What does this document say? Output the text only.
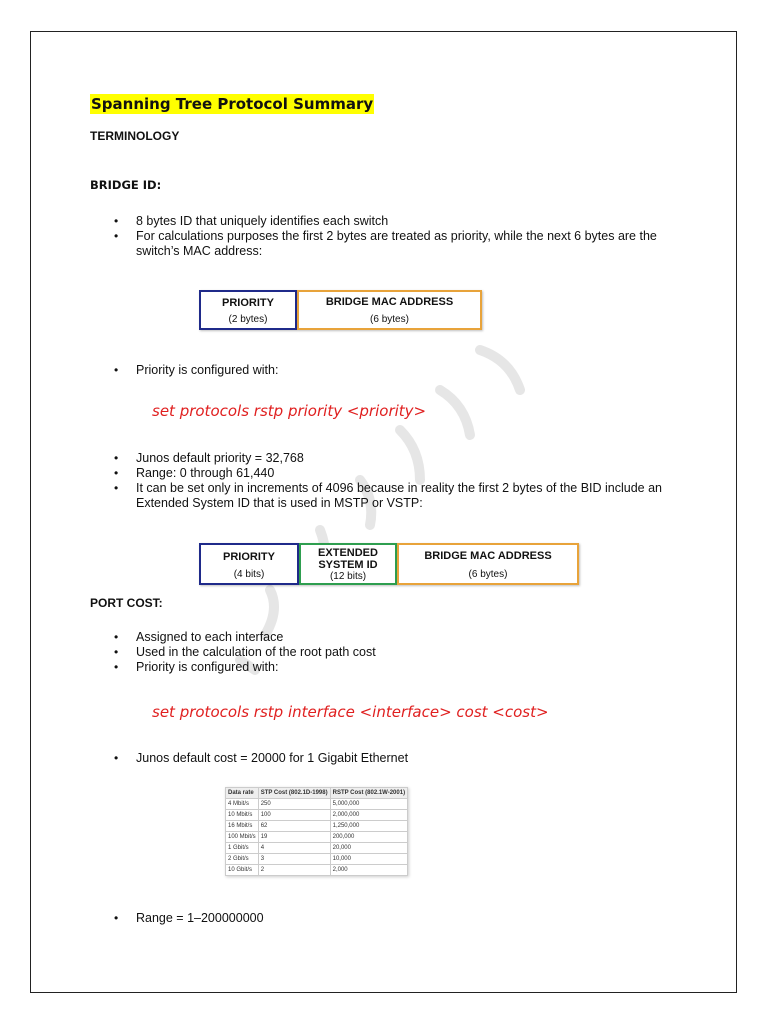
Spanning Tree Protocol Summary
TERMINOLOGY
BRIDGE ID:
• 8 bytes ID that uniquely identifies each switch
• For calculations purposes the first 2 bytes are treated as priority, while the next 6 bytes are the switch’s MAC address:
PRIORITY
(2 bytes)
BRIDGE MAC ADDRESS
(6 bytes)
• Priority is configured with:
set protocols rstp priority <priority>
• Junos default priority = 32,768
• Range: 0 through 61,440
• It can be set only in increments of 4096 because in reality the first 2 bytes of the BID include an Extended System ID that is used in MSTP or VSTP:
PRIORITY
(4 bits)
EXTENDED
SYSTEM ID
(12 bits)
BRIDGE MAC ADDRESS
(6 bytes)
PORT COST:
• Assigned to each interface
• Used in the calculation of the root path cost
• Priority is configured with:
set protocols rstp interface <interface> cost <cost>
• Junos default cost = 20000 for 1 Gigabit Ethernet
Data rate	STP Cost (802.1D-1998)	RSTP Cost (802.1W-2001)
4 Mbit/s	250	5,000,000
10 Mbit/s	100	2,000,000
16 Mbit/s	62	1,250,000
100 Mbit/s	19	200,000
1 Gbit/s	4	20,000
2 Gbit/s	3	10,000
10 Gbit/s	2	2,000
• Range = 1–200000000
